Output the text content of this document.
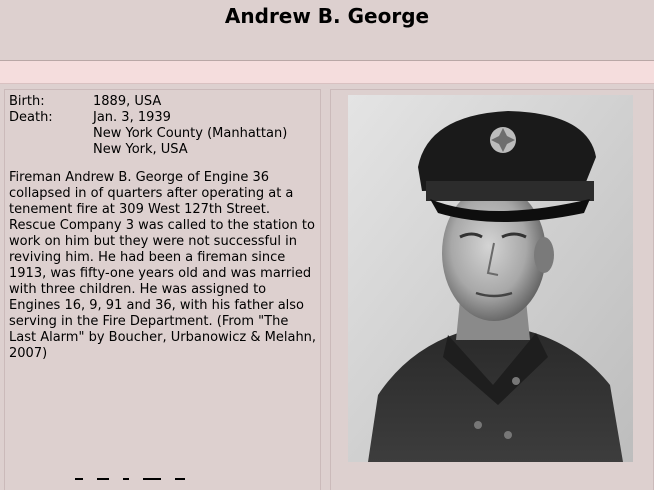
Andrew B. George
Birth:	1889, USA
Death:	Jan. 3, 1939
New York County (Manhattan)
New York, USA
Fireman Andrew B. George of Engine 36 collapsed in of quarters after operating at a tenement fire at 309 West 127th Street. Rescue Company 3 was called to the station to work on him but they were not successful in reviving him. He had been a fireman since 1913, was fifty-one years old and was married with three children. He was assigned to Engines 16, 9, 91 and 36, with his father also serving in the Fire Department. (From "The Last Alarm" by Boucher, Urbanowicz & Melahn, 2007)
